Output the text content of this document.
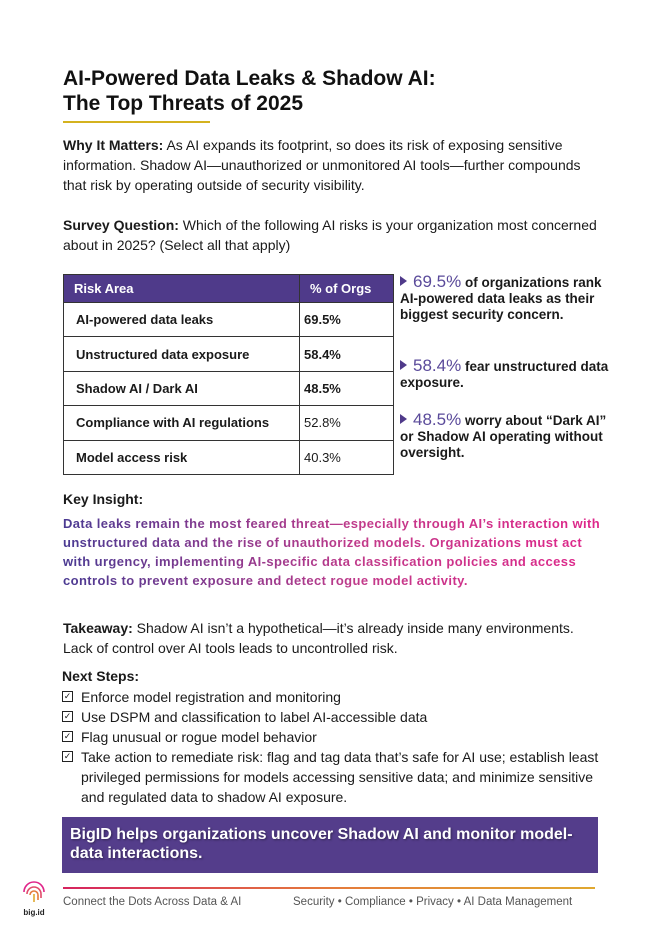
AI-Powered Data Leaks & Shadow AI:
The Top Threats of 2025

Why It Matters: As AI expands its footprint, so does its risk of exposing sensitive information. Shadow AI—unauthorized or unmonitored AI tools—further compounds that risk by operating outside of security visibility.

Survey Question: Which of the following AI risks is your organization most concerned about in 2025? (Select all that apply)

Risk Area	% of Orgs
AI-powered data leaks	69.5%
Unstructured data exposure	58.4%
Shadow AI / Dark AI	48.5%
Compliance with AI regulations	52.8%
Model access risk	40.3%
69.5% of organizations rank AI-powered data leaks as their biggest security concern.
58.4% fear unstructured data exposure.
48.5% worry about “Dark AI” or Shadow AI operating without oversight.
Key Insight:
Data leaks remain the most feared threat—especially through AI’s interaction with unstructured data and the rise of unauthorized models. Organizations must act with urgency, implementing AI-specific data classification policies and access controls to prevent exposure and detect rogue model activity.

Takeaway: Shadow AI isn’t a hypothetical—it’s already inside many environments. Lack of control over AI tools leads to uncontrolled risk.

Next Steps:
✓ Enforce model registration and monitoring
✓ Use DSPM and classification to label AI-accessible data
✓ Flag unusual or rogue model behavior
✓ Take action to remediate risk: flag and tag data that’s safe for AI use; establish least privileged permissions for models accessing sensitive data; and minimize sensitive and regulated data to shadow AI exposure.
BigID helps organizations uncover Shadow AI and monitor model-data interactions.
big.id
Connect the Dots Across Data & AI	Security • Compliance • Privacy • AI Data Management
